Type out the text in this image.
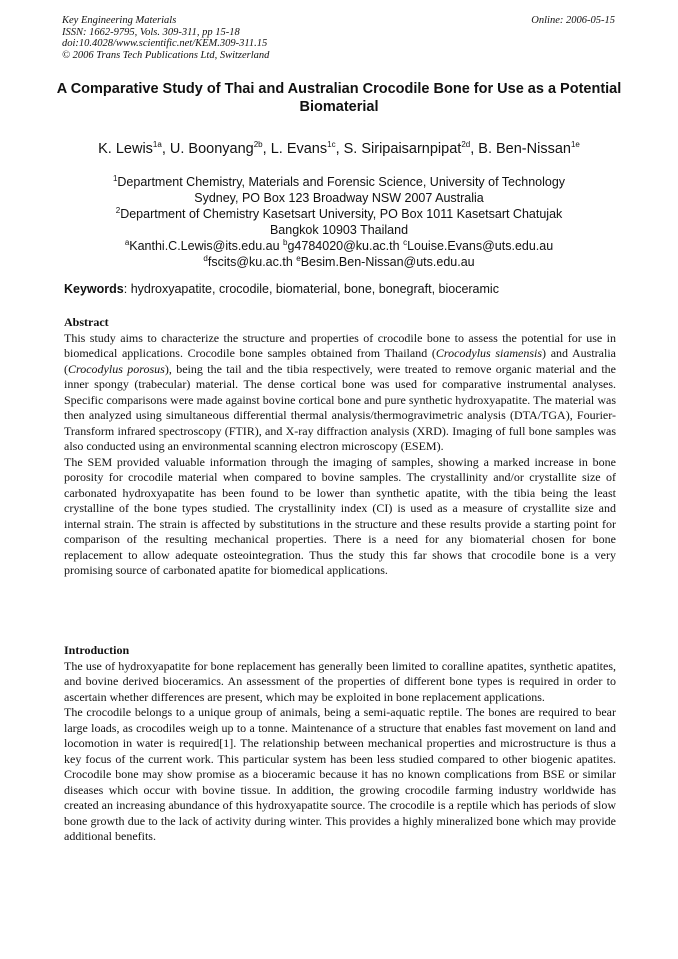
Key Engineering Materials
ISSN: 1662-9795, Vols. 309-311, pp 15-18
doi:10.4028/www.scientific.net/KEM.309-311.15
© 2006 Trans Tech Publications Ltd, Switzerland
Online: 2006-05-15
A Comparative Study of Thai and Australian Crocodile Bone for Use as a Potential Biomaterial
K. Lewis$^{1a}$, U. Boonyang$^{2b}$, L. Evans$^{1c}$, S. Siripaisarnpipat$^{2d}$, B. Ben-Nissan$^{1e}$
$^1$Department Chemistry, Materials and Forensic Science, University of Technology
Sydney, PO Box 123 Broadway NSW 2007 Australia
$^2$Department of Chemistry Kasetsart University, PO Box 1011 Kasetsart Chatujak
Bangkok 10903 Thailand
$^a$Kanthi.C.Lewis@its.edu.au $^b$g4784020@ku.ac.th $^c$Louise.Evans@uts.edu.au
$^d$fscits@ku.ac.th $^e$Besim.Ben-Nissan@uts.edu.au
Keywords: hydroxyapatite, crocodile, biomaterial, bone, bonegraft, bioceramic
Abstract

This study aims to characterize the structure and properties of crocodile bone to assess the potential for use in biomedical applications. Crocodile bone samples obtained from Thailand (Crocodylus siamensis) and Australia (Crocodylus porosus), being the tail and the tibia respectively, were treated to remove organic material and the inner spongy (trabecular) material. The dense cortical bone was used for comparative instrumental analyses. Specific comparisons were made against bovine cortical bone and pure synthetic hydroxyapatite. The material was then analyzed using simultaneous differential thermal analysis/thermogravimetric analysis (DTA/TGA), Fourier-Transform infrared spectroscopy (FTIR), and X-ray diffraction analysis (XRD). Imaging of full bone samples was also conducted using an environmental scanning electron microscopy (ESEM).

The SEM provided valuable information through the imaging of samples, showing a marked increase in bone porosity for crocodile material when compared to bovine samples. The crystallinity and/or crystallite size of carbonated hydroxyapatite has been found to be lower than synthetic apatite, with the tibia being the least crystalline of the bone types studied. The crystallinity index (CI) is used as a measure of crystallite size and internal strain. The strain is affected by substitutions in the structure and these results provide a starting point for comparison of the resulting mechanical properties. There is a need for any biomaterial chosen for bone replacement to allow adequate osteointegration. Thus the study this far shows that crocodile bone is a very promising source of carbonated apatite for biomedical applications.

Introduction

The use of hydroxyapatite for bone replacement has generally been limited to coralline apatites, synthetic apatites, and bovine derived bioceramics. An assessment of the properties of different bone types is required in order to ascertain whether differences are present, which may be exploited in bone replacement applications.

The crocodile belongs to a unique group of animals, being a semi-aquatic reptile. The bones are required to bear large loads, as crocodiles weigh up to a tonne. Maintenance of a structure that enables fast movement on land and locomotion in water is required[1]. The relationship between mechanical properties and microstructure is thus a key focus of the current work. This particular system has been less studied compared to other biogenic apatites. Crocodile bone may show promise as a bioceramic because it has no known complications from BSE or similar diseases which occur with bovine tissue. In addition, the growing crocodile farming industry worldwide has created an increasing abundance of this hydroxyapatite source. The crocodile is a reptile which has periods of slow bone growth due to the lack of activity during winter. This provides a highly mineralized bone which may provide additional benefits.
